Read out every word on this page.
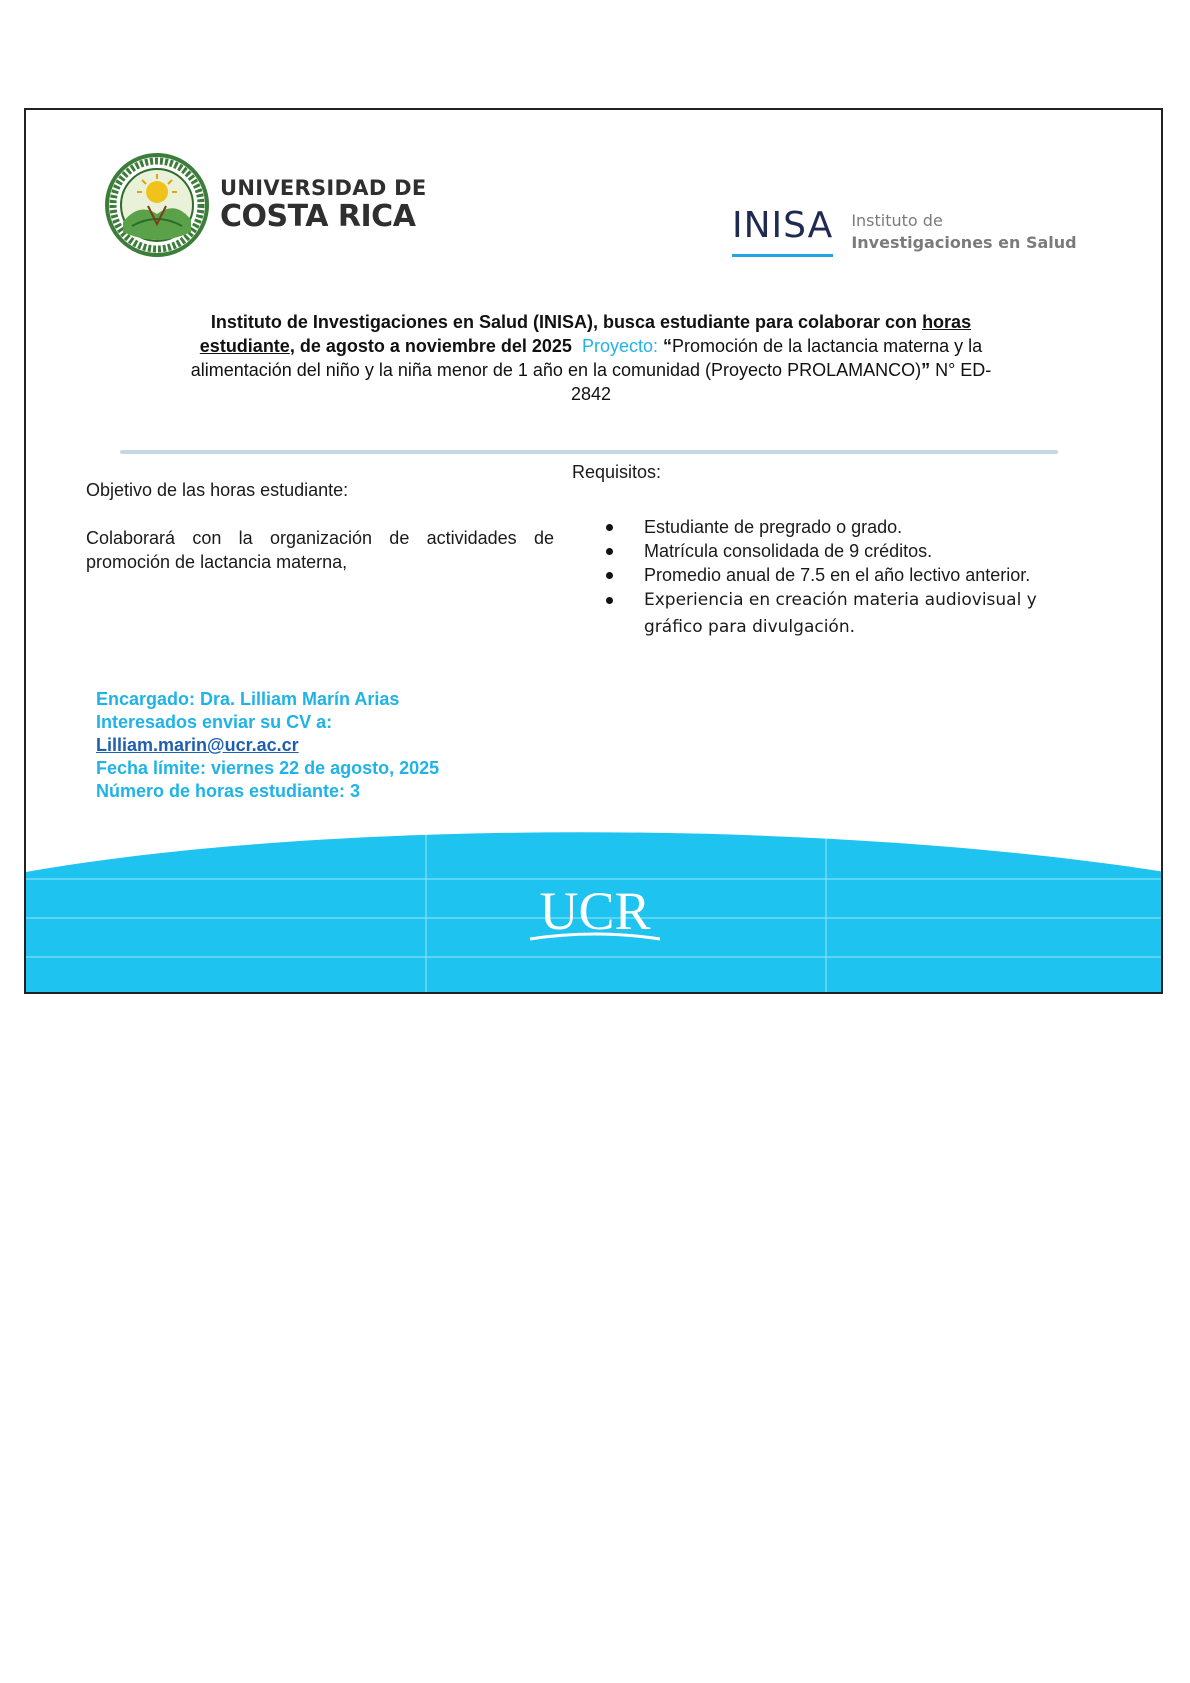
UNIVERSIDAD DE
COSTA RICA	INISA Instituto de
Investigaciones en Salud
Instituto de Investigaciones en Salud (INISA), busca estudiante para colaborar con horas estudiante, de agosto a noviembre del 2025 Proyecto: “Promoción de la lactancia materna y la alimentación del niño y la niña menor de 1 año en la comunidad (Proyecto PROLAMANCO)” N° ED-2842

Objetivo de las horas estudiante:

Colaborará con la organización de actividades de promoción de lactancia materna,

Requisitos:

Estudiante de pregrado o grado.
Matrícula consolidada de 9 créditos.
Promedio anual de 7.5 en el año lectivo anterior.
Experiencia en creación materia audiovisual y gráfico para divulgación.
Encargado: Dra. Lilliam Marín Arias
Interesados enviar su CV a:
Lilliam.marin@ucr.ac.cr
Fecha límite: viernes 22 de agosto, 2025
Número de horas estudiante: 3
UCR
